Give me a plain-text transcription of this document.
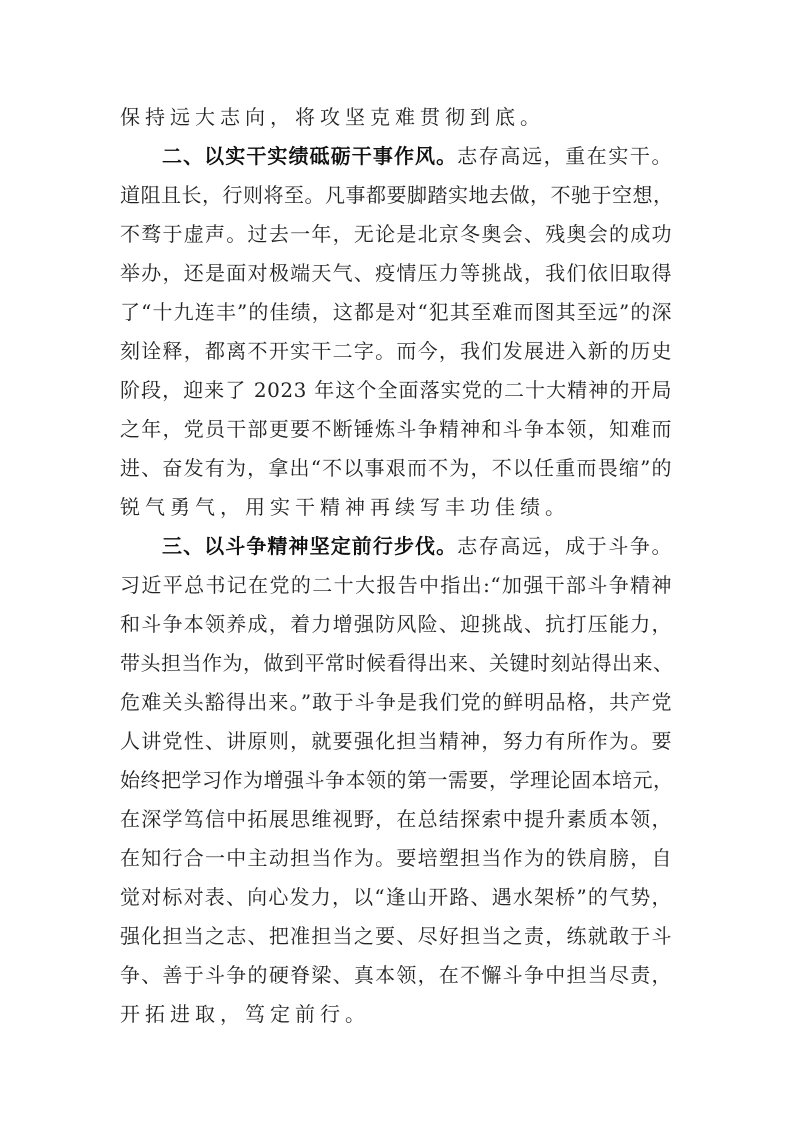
保持远大志向，将攻坚克难贯彻到底。
二、以实干实绩砥砺干事作风。志存高远，重在实干。
道阻且长，行则将至。凡事都要脚踏实地去做，不驰于空想，
不骛于虚声。过去一年，无论是北京冬奥会、残奥会的成功
举办，还是面对极端天气、疫情压力等挑战，我们依旧取得
了“十九连丰”的佳绩，这都是对“犯其至难而图其至远”的深
刻诠释，都离不开实干二字。而今，我们发展进入新的历史
阶段，迎来了 2023 年这个全面落实党的二十大精神的开局
之年，党员干部更要不断锤炼斗争精神和斗争本领，知难而
进、奋发有为，拿出“不以事艰而不为，不以任重而畏缩”的
锐气勇气，用实干精神再续写丰功佳绩。
三、以斗争精神坚定前行步伐。志存高远，成于斗争。
习近平总书记在党的二十大报告中指出:“加强干部斗争精神
和斗争本领养成，着力增强防风险、迎挑战、抗打压能力，
带头担当作为，做到平常时候看得出来、关键时刻站得出来、
危难关头豁得出来。”敢于斗争是我们党的鲜明品格，共产党
人讲党性、讲原则，就要强化担当精神，努力有所作为。要
始终把学习作为增强斗争本领的第一需要，学理论固本培元，
在深学笃信中拓展思维视野，在总结探索中提升素质本领，
在知行合一中主动担当作为。要培塑担当作为的铁肩膀，自
觉对标对表、向心发力，以“逢山开路、遇水架桥”的气势，
强化担当之志、把准担当之要、尽好担当之责，练就敢于斗
争、善于斗争的硬脊梁、真本领，在不懈斗争中担当尽责，
开拓进取，笃定前行。
